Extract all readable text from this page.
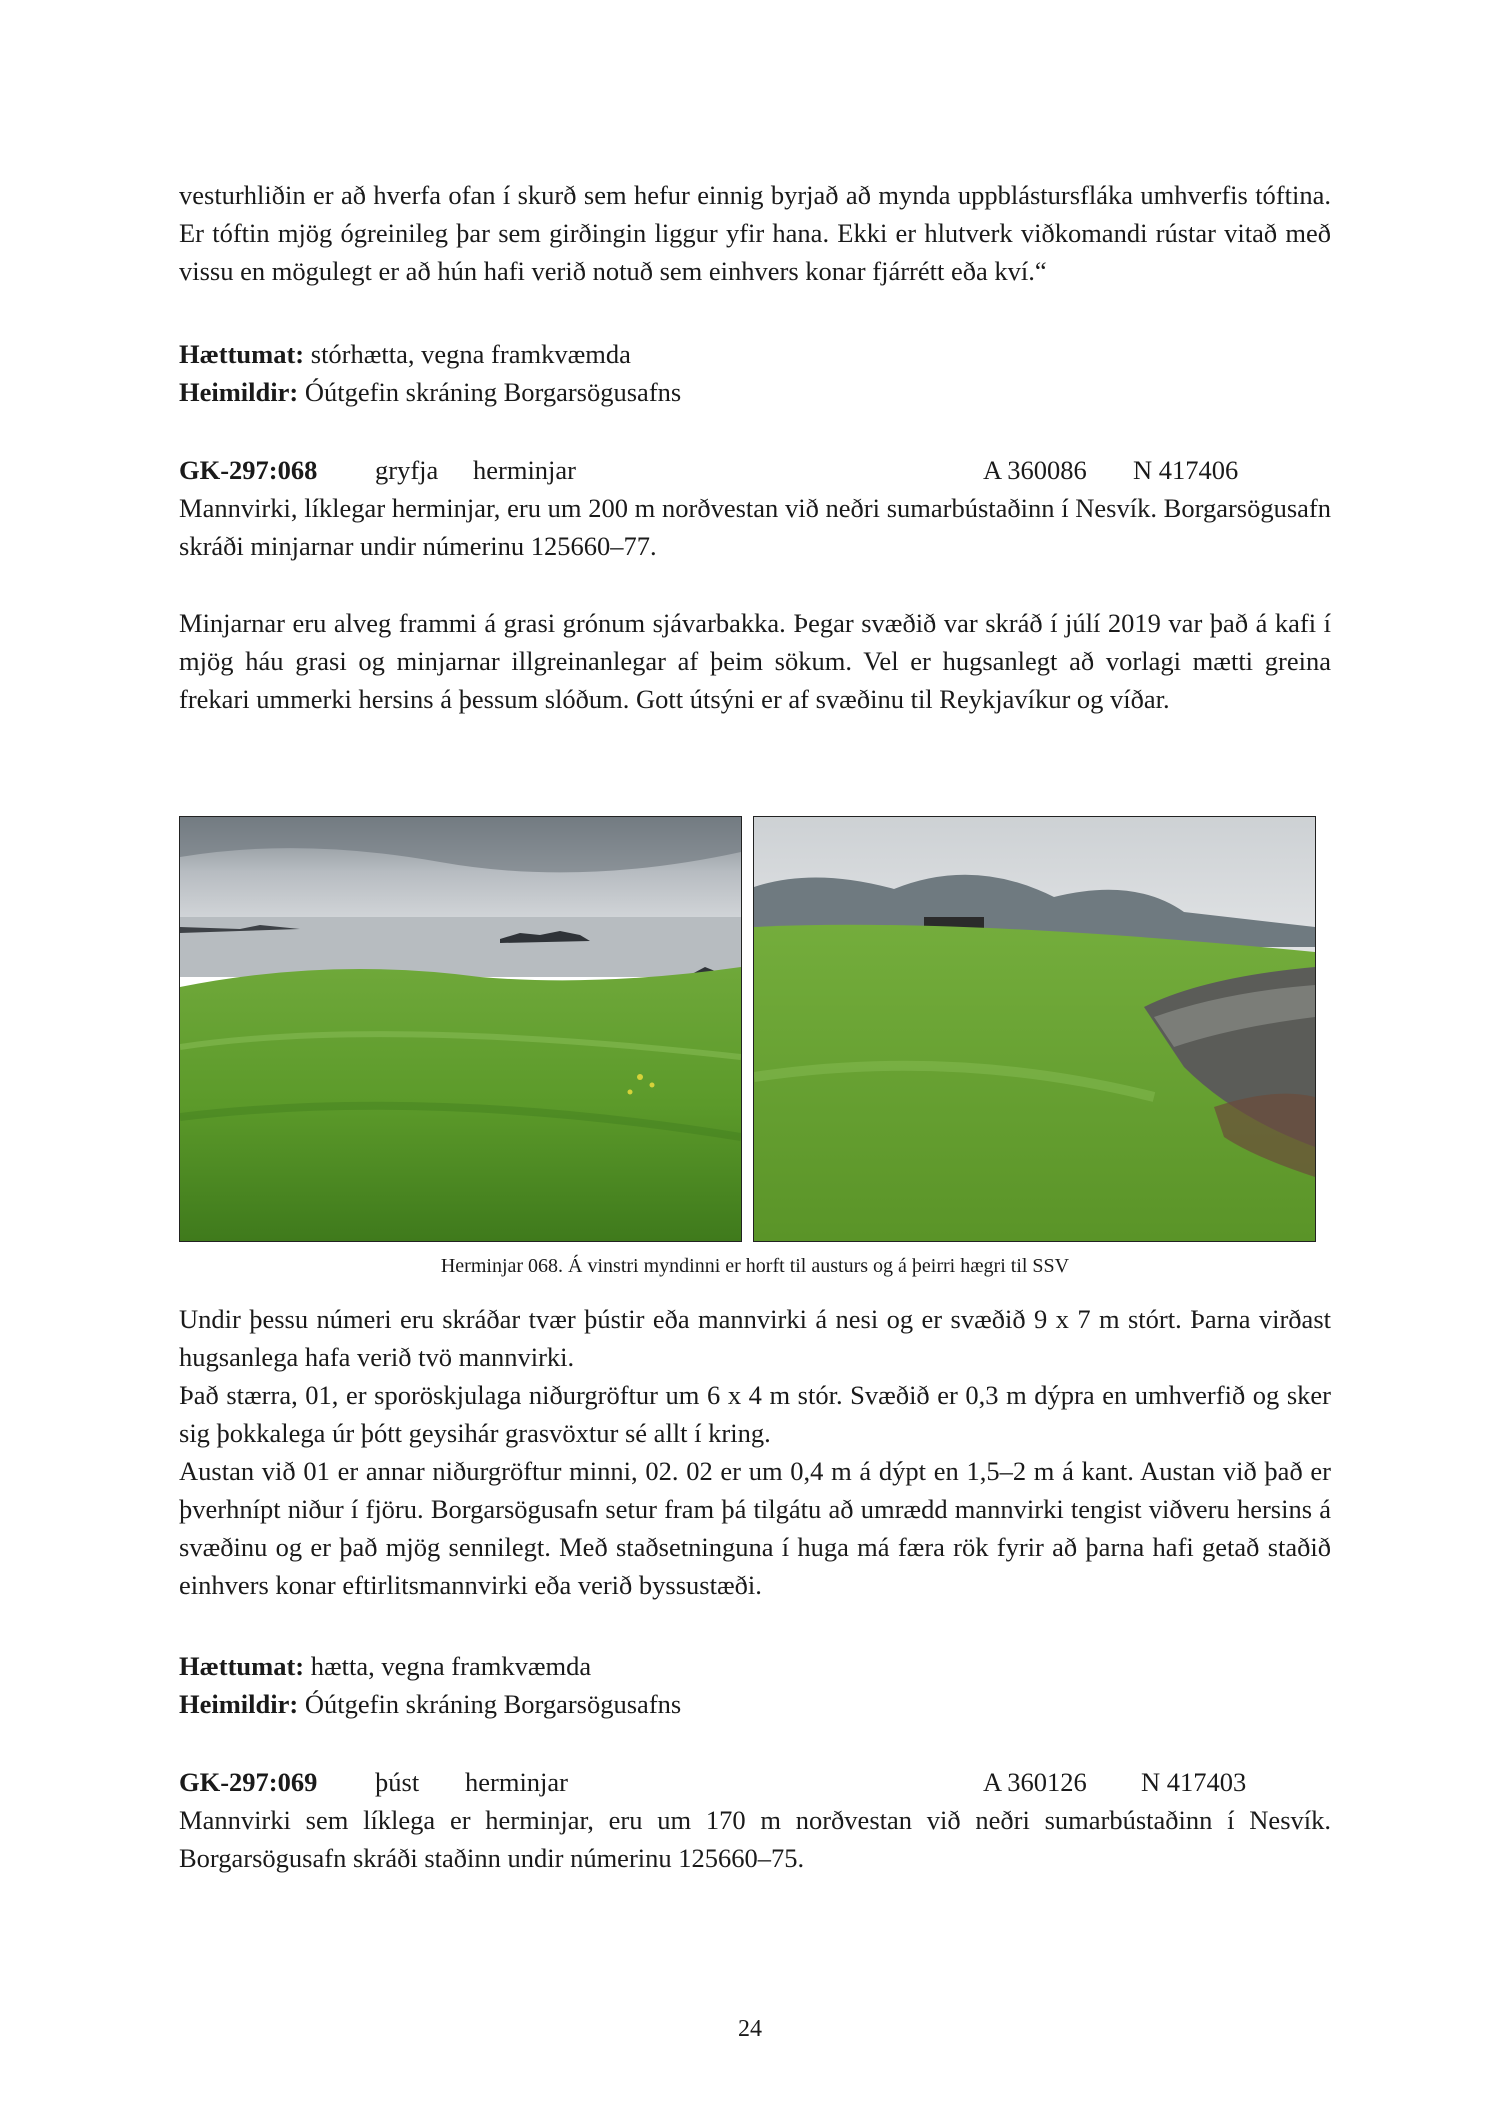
vesturhliðin er að hverfa ofan í skurð sem hefur einnig byrjað að mynda uppblástursfláka umhverfis tóftina. Er tóftin mjög ógreinileg þar sem girðingin liggur yfir hana. Ekki er hlutverk viðkomandi rústar vitað með vissu en mögulegt er að hún hafi verið notuð sem einhvers konar fjárrétt eða kví.“

Hættumat: stórhætta, vegna framkvæmda
Heimildir: Óútgefin skráning Borgarsögusafns
GK-297:068 gryfja herminjar	A 360086 N 417406

Mannvirki, líklegar herminjar, eru um 200 m norðvestan við neðri sumarbústaðinn í Nesvík. Borgarsögusafn skráði minjarnar undir númerinu 125660–77.

Minjarnar eru alveg frammi á grasi grónum sjávarbakka. Þegar svæðið var skráð í júlí 2019 var það á kafi í mjög háu grasi og minjarnar illgreinanlegar af þeim sökum. Vel er hugsanlegt að vorlagi mætti greina frekari ummerki hersins á þessum slóðum. Gott útsýni er af svæðinu til Reykjavíkur og víðar.

Herminjar 068. Á vinstri myndinni er horft til austurs og á þeirri hægri til SSV

Undir þessu númeri eru skráðar tvær þústir eða mannvirki á nesi og er svæðið 9 x 7 m stórt. Þarna virðast hugsanlega hafa verið tvö mannvirki.

Það stærra, 01, er sporöskjulaga niðurgröftur um 6 x 4 m stór. Svæðið er 0,3 m dýpra en umhverfið og sker sig þokkalega úr þótt geysihár grasvöxtur sé allt í kring.

Austan við 01 er annar niðurgröftur minni, 02. 02 er um 0,4 m á dýpt en 1,5–2 m á kant. Austan við það er þverhnípt niður í fjöru. Borgarsögusafn setur fram þá tilgátu að umrædd mannvirki tengist viðveru hersins á svæðinu og er það mjög sennilegt. Með staðsetninguna í huga má færa rök fyrir að þarna hafi getað staðið einhvers konar eftirlitsmannvirki eða verið byssustæði.

Hættumat: hætta, vegna framkvæmda
Heimildir: Óútgefin skráning Borgarsögusafns
GK-297:069 þúst herminjar	A 360126 N 417403

Mannvirki sem líklega er herminjar, eru um 170 m norðvestan við neðri sumarbústaðinn í Nesvík. Borgarsögusafn skráði staðinn undir númerinu 125660–75.

24
